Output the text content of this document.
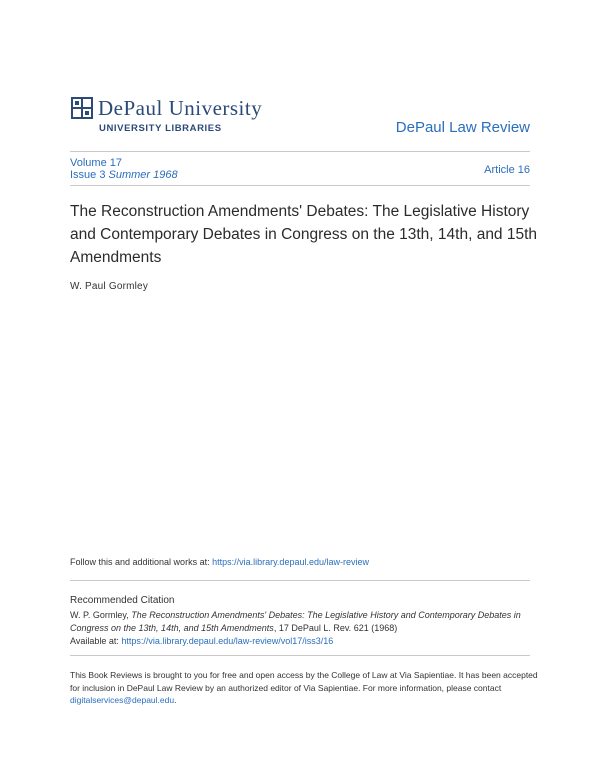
DePaul University
UNIVERSITY LIBRARIES	DePaul Law Review
Volume 17
Issue 3 Summer 1968	Article 16
The Reconstruction Amendments' Debates: The Legislative History and Contemporary Debates in Congress on the 13th, 14th, and 15th Amendments
W. Paul Gormley
Follow this and additional works at: https://via.library.depaul.edu/law-review
Recommended Citation
W. P. Gormley, The Reconstruction Amendments' Debates: The Legislative History and Contemporary Debates in Congress on the 13th, 14th, and 15th Amendments, 17 DePaul L. Rev. 621 (1968)
Available at: https://via.library.depaul.edu/law-review/vol17/iss3/16
This Book Reviews is brought to you for free and open access by the College of Law at Via Sapientiae. It has been accepted for inclusion in DePaul Law Review by an authorized editor of Via Sapientiae. For more information, please contact digitalservices@depaul.edu.
